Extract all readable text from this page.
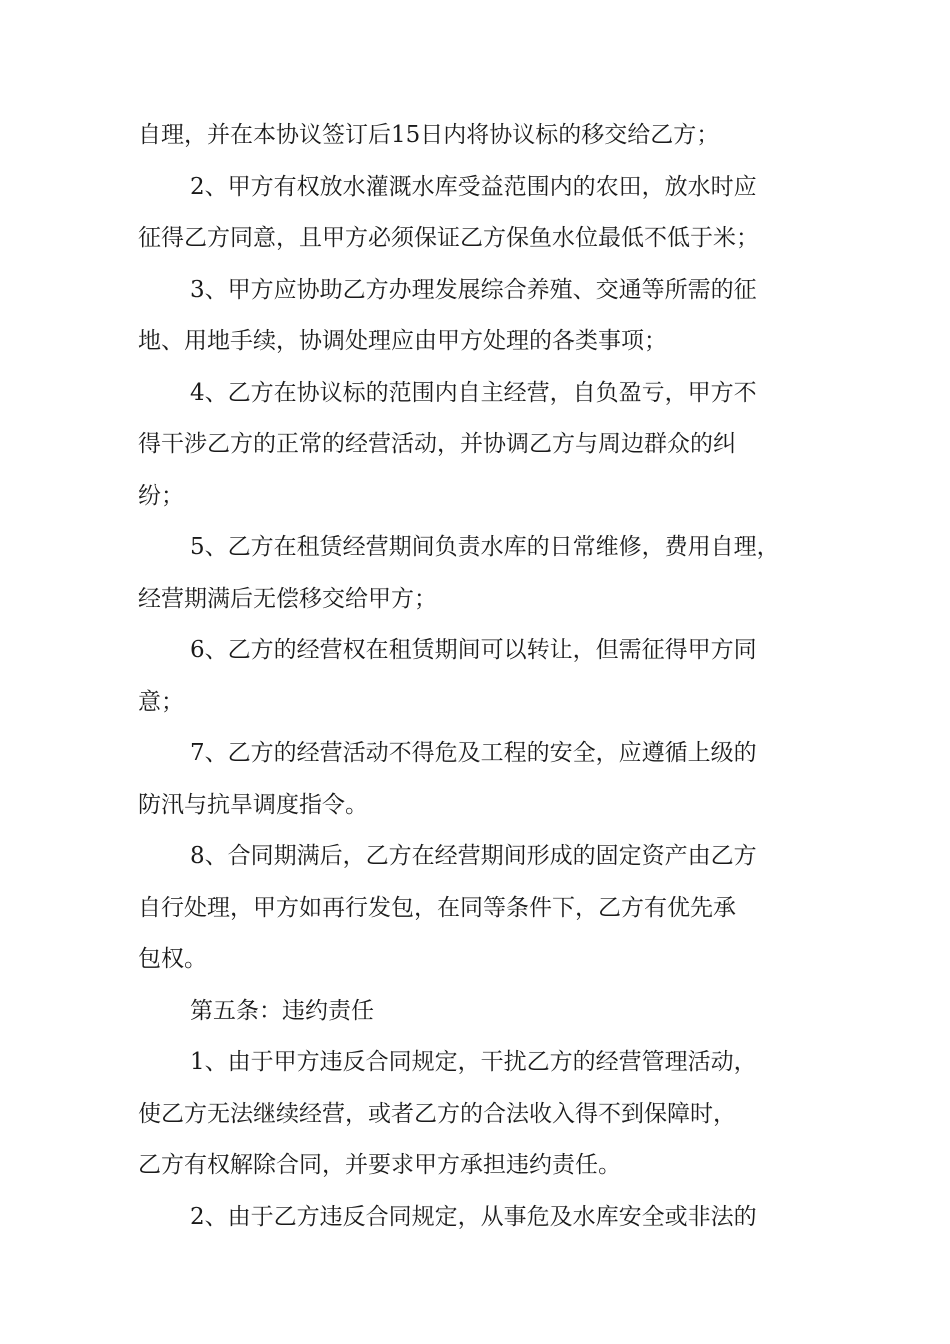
自理，并在本协议签订后15日内将协议标的移交给乙方；
2、甲方有权放水灌溉水库受益范围内的农田，放水时应
征得乙方同意，且甲方必须保证乙方保鱼水位最低不低于米；
3、甲方应协助乙方办理发展综合养殖、交通等所需的征
地、用地手续，协调处理应由甲方处理的各类事项；
4、乙方在协议标的范围内自主经营，自负盈亏，甲方不
得干涉乙方的正常的经营活动，并协调乙方与周边群众的纠
纷；
5、乙方在租赁经营期间负责水库的日常维修，费用自理，
经营期满后无偿移交给甲方；
6、乙方的经营权在租赁期间可以转让，但需征得甲方同
意；
7、乙方的经营活动不得危及工程的安全，应遵循上级的
防汛与抗旱调度指令。
8、合同期满后，乙方在经营期间形成的固定资产由乙方
自行处理，甲方如再行发包，在同等条件下，乙方有优先承
包权。
第五条：违约责任
1、由于甲方违反合同规定，干扰乙方的经营管理活动，
使乙方无法继续经营，或者乙方的合法收入得不到保障时，
乙方有权解除合同，并要求甲方承担违约责任。
2、由于乙方违反合同规定，从事危及水库安全或非法的
